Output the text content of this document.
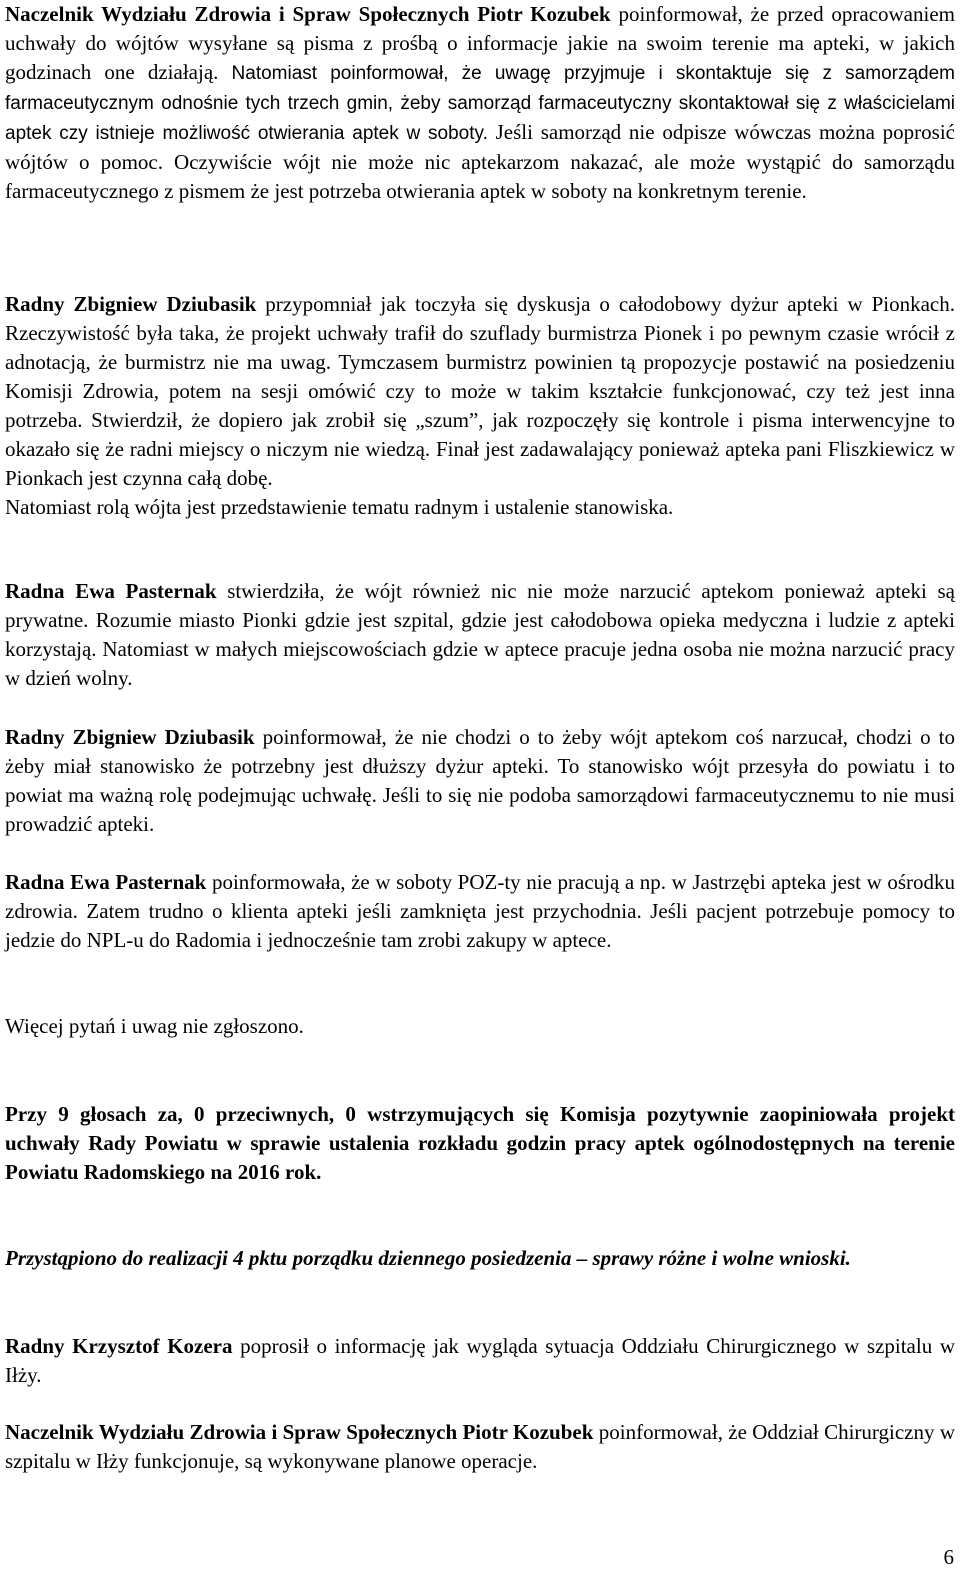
Naczelnik Wydziału Zdrowia i Spraw Społecznych Piotr Kozubek poinformował, że przed opracowaniem uchwały do wójtów wysyłane są pisma z prośbą o informacje jakie na swoim terenie ma apteki, w jakich godzinach one działają. Natomiast poinformował, że uwagę przyjmuje i skontaktuje się z samorządem farmaceutycznym odnośnie tych trzech gmin, żeby samorząd farmaceutyczny skontaktował się z właścicielami aptek czy istnieje możliwość otwierania aptek w soboty. Jeśli samorząd nie odpisze wówczas można poprosić wójtów o pomoc. Oczywiście wójt nie może nic aptekarzom nakazać, ale może wystąpić do samorządu farmaceutycznego z pismem że jest potrzeba otwierania aptek w soboty na konkretnym terenie.

Radny Zbigniew Dziubasik przypomniał jak toczyła się dyskusja o całodobowy dyżur apteki w Pionkach. Rzeczywistość była taka, że projekt uchwały trafił do szuflady burmistrza Pionek i po pewnym czasie wrócił z adnotacją, że burmistrz nie ma uwag. Tymczasem burmistrz powinien tą propozycje postawić na posiedzeniu Komisji Zdrowia, potem na sesji omówić czy to może w takim kształcie funkcjonować, czy też jest inna potrzeba. Stwierdził, że dopiero jak zrobił się „szum”, jak rozpoczęły się kontrole i pisma interwencyjne to okazało się że radni miejscy o niczym nie wiedzą. Finał jest zadawalający ponieważ apteka pani Fliszkiewicz w Pionkach jest czynna całą dobę.
Natomiast rolą wójta jest przedstawienie tematu radnym i ustalenie stanowiska.

Radna Ewa Pasternak stwierdziła, że wójt również nic nie może narzucić aptekom ponieważ apteki są prywatne. Rozumie miasto Pionki gdzie jest szpital, gdzie jest całodobowa opieka medyczna i ludzie z apteki korzystają. Natomiast w małych miejscowościach gdzie w aptece pracuje jedna osoba nie można narzucić pracy w dzień wolny.

Radny Zbigniew Dziubasik poinformował, że nie chodzi o to żeby wójt aptekom coś narzucał, chodzi o to żeby miał stanowisko że potrzebny jest dłuższy dyżur apteki. To stanowisko wójt przesyła do powiatu i to powiat ma ważną rolę podejmując uchwałę. Jeśli to się nie podoba samorządowi farmaceutycznemu to nie musi prowadzić apteki.

Radna Ewa Pasternak poinformowała, że w soboty POZ-ty nie pracują a np. w Jastrzębi apteka jest w ośrodku zdrowia. Zatem trudno o klienta apteki jeśli zamknięta jest przychodnia. Jeśli pacjent potrzebuje pomocy to jedzie do NPL-u do Radomia i jednocześnie tam zrobi zakupy w aptece.

Więcej pytań i uwag nie zgłoszono.

Przy 9 głosach za, 0 przeciwnych, 0 wstrzymujących się Komisja pozytywnie zaopiniowała projekt uchwały Rady Powiatu w sprawie ustalenia rozkładu godzin pracy aptek ogólnodostępnych na terenie Powiatu Radomskiego na 2016 rok.

Przystąpiono do realizacji 4 pktu porządku dziennego posiedzenia – sprawy różne i wolne wnioski.

Radny Krzysztof Kozera poprosił o informację jak wygląda sytuacja Oddziału Chirurgicznego w szpitalu w Iłży.

Naczelnik Wydziału Zdrowia i Spraw Społecznych Piotr Kozubek poinformował, że Oddział Chirurgiczny w szpitalu w Iłży funkcjonuje, są wykonywane planowe operacje.

6
